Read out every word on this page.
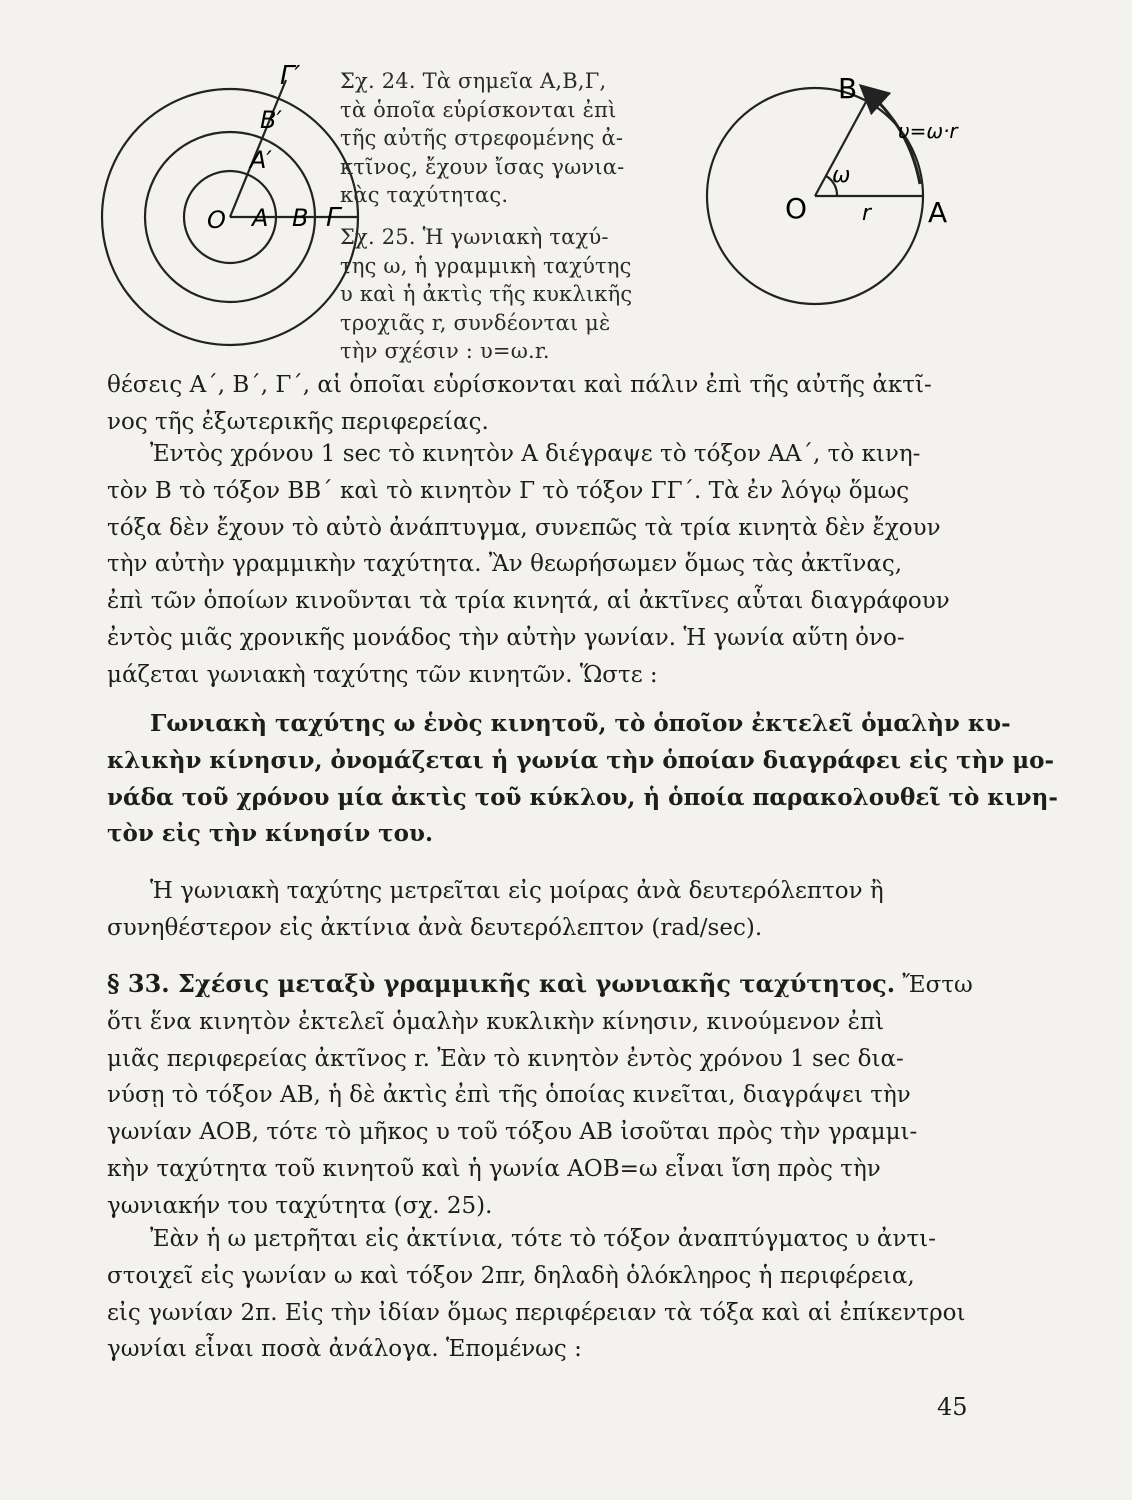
O A B Γ
A′
B′
Γ′ Σχ. 24. Τὰ σημεῖα Α,Β,Γ,
τὰ ὁποῖα εὑρίσκονται ἐπὶ
τῆς αὐτῆς στρεφομένης ἀ-
κτῖνος, ἔχουν ἴσας γωνια-
κὰς ταχύτητας.
Σχ. 25. Ἡ γωνιακὴ ταχύ-
της ω, ἡ γραμμικὴ ταχύτης
υ καὶ ἡ ἀκτὶς τῆς κυκλικῆς
τροχιᾶς r, συνδέονται μὲ
τὴν σχέσιν : υ=ω.r.
B
O	A
r
ω
υ=ω·r
θέσεις Α΄, Β΄, Γ΄, αἱ ὁποῖαι εὑρίσκονται καὶ πάλιν ἐπὶ τῆς αὐτῆς ἀκτῖ-
νος τῆς ἐξωτερικῆς περιφερείας.
Ἐντὸς χρόνου 1 sec τὸ κινητὸν Α διέγραψε τὸ τόξον ΑΑ΄, τὸ κινη-
τὸν Β τὸ τόξον ΒΒ΄ καὶ τὸ κινητὸν Γ τὸ τόξον ΓΓ΄. Τὰ ἐν λόγῳ ὅμως
τόξα δὲν ἔχουν τὸ αὐτὸ ἀνάπτυγμα, συνεπῶς τὰ τρία κινητὰ δὲν ἔχουν
τὴν αὐτὴν γραμμικὴν ταχύτητα. Ἂν θεωρήσωμεν ὅμως τὰς ἀκτῖνας,
ἐπὶ τῶν ὁποίων κινοῦνται τὰ τρία κινητά, αἱ ἀκτῖνες αὗται διαγράφουν
ἐντὸς μιᾶς χρονικῆς μονάδος τὴν αὐτὴν γωνίαν. Ἡ γωνία αὕτη ὀνο-
μάζεται γωνιακὴ ταχύτης τῶν κινητῶν. Ὥστε :
Γωνιακὴ ταχύτης ω ἑνὸς κινητοῦ, τὸ ὁποῖον ἐκτελεῖ ὁμαλὴν κυ-
κλικὴν κίνησιν, ὀνομάζεται ἡ γωνία τὴν ὁποίαν διαγράφει εἰς τὴν μο-
νάδα τοῦ χρόνου μία ἀκτὶς τοῦ κύκλου, ἡ ὁποία παρακολουθεῖ τὸ κινη-
τὸν εἰς τὴν κίνησίν του.
Ἡ γωνιακὴ ταχύτης μετρεῖται εἰς μοίρας ἀνὰ δευτερόλεπτον ἢ
συνηθέστερον εἰς ἀκτίνια ἀνὰ δευτερόλεπτον (rad/sec).
§ 33. Σχέσις μεταξὺ γραμμικῆς καὶ γωνιακῆς ταχύτητος. Ἔστω
ὅτι ἕνα κινητὸν ἐκτελεῖ ὁμαλὴν κυκλικὴν κίνησιν, κινούμενον ἐπὶ
μιᾶς περιφερείας ἀκτῖνος r. Ἐὰν τὸ κινητὸν ἐντὸς χρόνου 1 sec δια-
νύσῃ τὸ τόξον ΑΒ, ἡ δὲ ἀκτὶς ἐπὶ τῆς ὁποίας κινεῖται, διαγράψει τὴν
γωνίαν ΑΟΒ, τότε τὸ μῆκος υ τοῦ τόξου ΑΒ ἰσοῦται πρὸς τὴν γραμμι-
κὴν ταχύτητα τοῦ κινητοῦ καὶ ἡ γωνία ΑΟΒ=ω εἶναι ἴση πρὸς τὴν
γωνιακήν του ταχύτητα (σχ. 25).
Ἐὰν ἡ ω μετρῆται εἰς ἀκτίνια, τότε τὸ τόξον ἀναπτύγματος υ ἀντι-
στοιχεῖ εἰς γωνίαν ω καὶ τόξον 2πr, δηλαδὴ ὁλόκληρος ἡ περιφέρεια,
εἰς γωνίαν 2π. Εἰς τὴν ἰδίαν ὅμως περιφέρειαν τὰ τόξα καὶ αἱ ἐπίκεντροι
γωνίαι εἶναι ποσὰ ἀνάλογα. Ἑπομένως :
45
